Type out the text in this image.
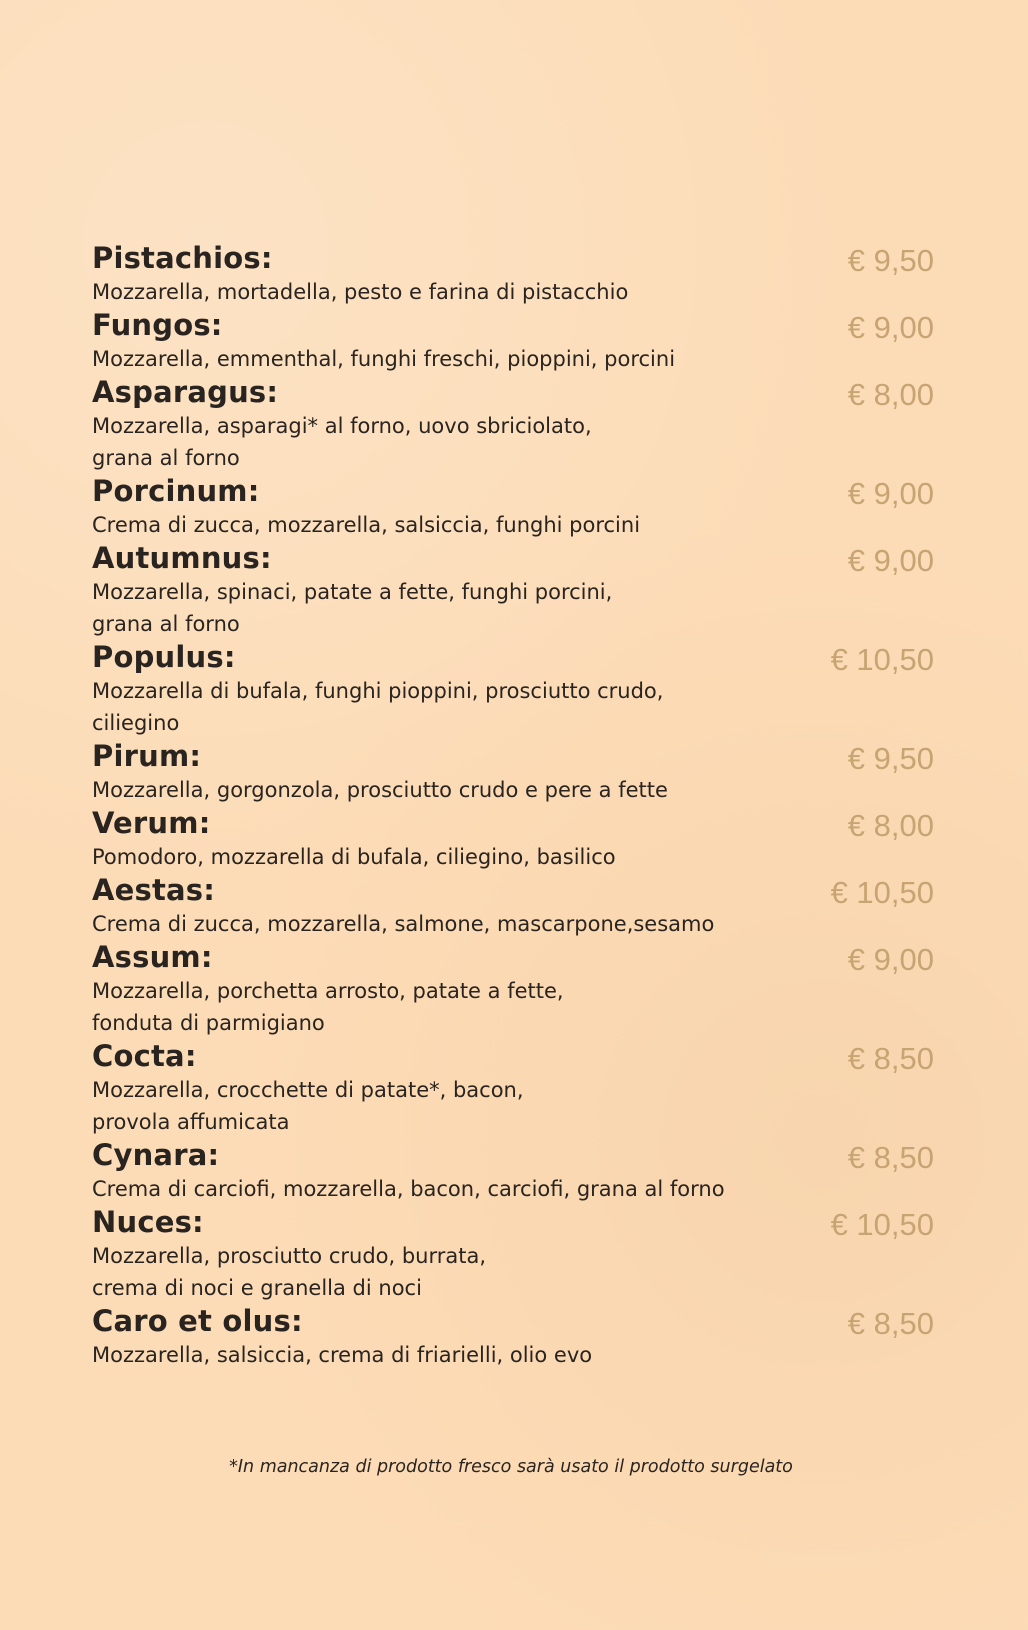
Pistachios:	€ 9,50
Mozzarella, mortadella, pesto e farina di pistacchio
Fungos:	€ 9,00
Mozzarella, emmenthal, funghi freschi, pioppini, porcini
Asparagus:	€ 8,00
Mozzarella, asparagi* al forno, uovo sbriciolato,
grana al forno
Porcinum:	€ 9,00
Crema di zucca, mozzarella, salsiccia, funghi porcini
Autumnus:	€ 9,00
Mozzarella, spinaci, patate a fette, funghi porcini,
grana al forno
Populus:	€ 10,50
Mozzarella di bufala, funghi pioppini, prosciutto crudo,
ciliegino
Pirum:	€ 9,50
Mozzarella, gorgonzola, prosciutto crudo e pere a fette
Verum:	€ 8,00
Pomodoro, mozzarella di bufala, ciliegino, basilico
Aestas:	€ 10,50
Crema di zucca, mozzarella, salmone, mascarpone,sesamo
Assum:	€ 9,00
Mozzarella, porchetta arrosto, patate a fette,
fonduta di parmigiano
Cocta:	€ 8,50
Mozzarella, crocchette di patate*, bacon,
provola affumicata
Cynara:	€ 8,50
Crema di carciofi, mozzarella, bacon, carciofi, grana al forno
Nuces:	€ 10,50
Mozzarella, prosciutto crudo, burrata,
crema di noci e granella di noci
Caro et olus:	€ 8,50
Mozzarella, salsiccia, crema di friarielli, olio evo
*In mancanza di prodotto fresco sarà usato il prodotto surgelato
